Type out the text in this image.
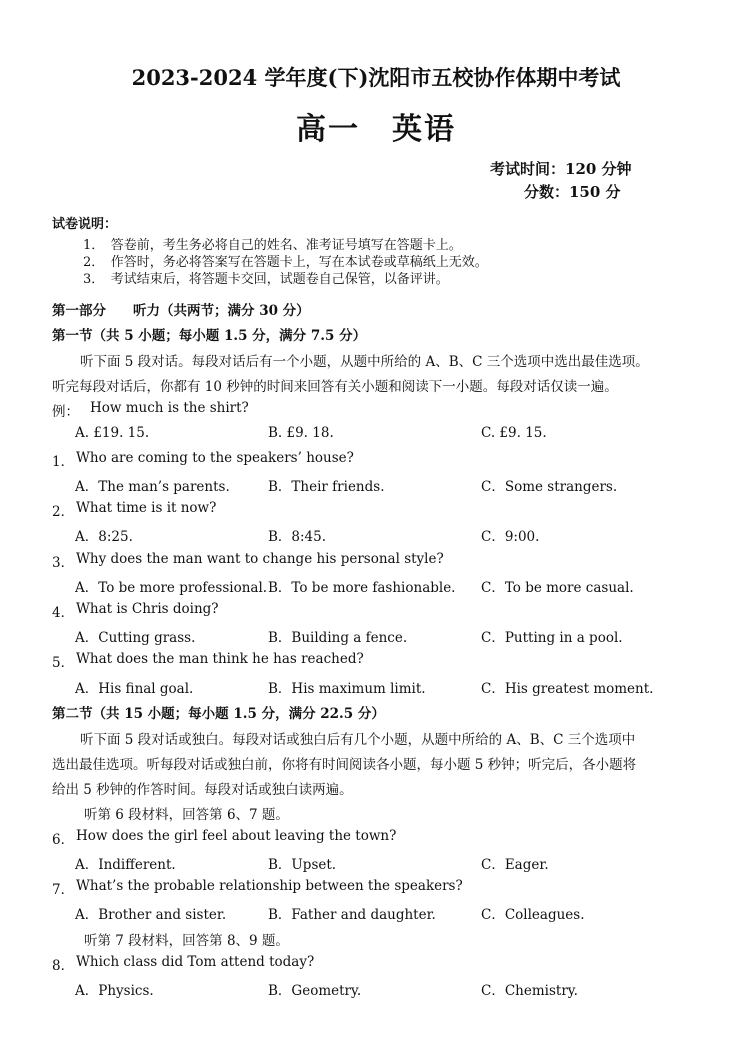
2023-2024 学年度(下)沈阳市五校协作体期中考试
高一　英语
考试时间：120 分钟
分数：150 分
试卷说明：
1．　答卷前，考生务必将自己的姓名、准考证号填写在答题卡上。
2．　作答时，务必将答案写在答题卡上，写在本试卷或草稿纸上无效。
3．　考试结束后，将答题卡交回，试题卷自己保管，以备评讲。
第一部分　　听力（共两节；满分 30 分）
第一节（共 5 小题；每小题 1.5 分，满分 7.5 分）
听下面 5 段对话。每段对话后有一个小题，从题中所给的 A、B、C 三个选项中选出最佳选项。
听完每段对话后，你都有 10 秒钟的时间来回答有关小题和阅读下一小题。每段对话仅读一遍。
例： How much is the shirt?
A. £19. 15.	B. £9. 18.	C. £9. 15.
1． Who are coming to the speakers’ house?
A．The man’s parents.	B．Their friends.	C．Some strangers.
2． What time is it now?
A．8:25.	B．8:45.	C．9:00.
3． Why does the man want to change his personal style?
A．To be more professional. B．To be more fashionable. C．To be more casual.
4． What is Chris doing?
A．Cutting grass.	B．Building a fence.	C．Putting in a pool.
5． What does the man think he has reached?
A．His final goal.	B．His maximum limit.	C．His greatest moment.
第二节（共 15 小题；每小题 1.5 分，满分 22.5 分）
听下面 5 段对话或独白。每段对话或独白后有几个小题，从题中所给的 A、B、C 三个选项中
选出最佳选项。听每段对话或独白前，你将有时间阅读各小题，每小题 5 秒钟；听完后，各小题将
给出 5 秒钟的作答时间。每段对话或独白读两遍。
听第 6 段材料，回答第 6、7 题。
6． How does the girl feel about leaving the town?
A．Indifferent.	B．Upset.	C．Eager.
7． What’s the probable relationship between the speakers?
A．Brother and sister.	B．Father and daughter.	C．Colleagues.
听第 7 段材料，回答第 8、9 题。
8． Which class did Tom attend today?
A．Physics.	B．Geometry.	C．Chemistry.
